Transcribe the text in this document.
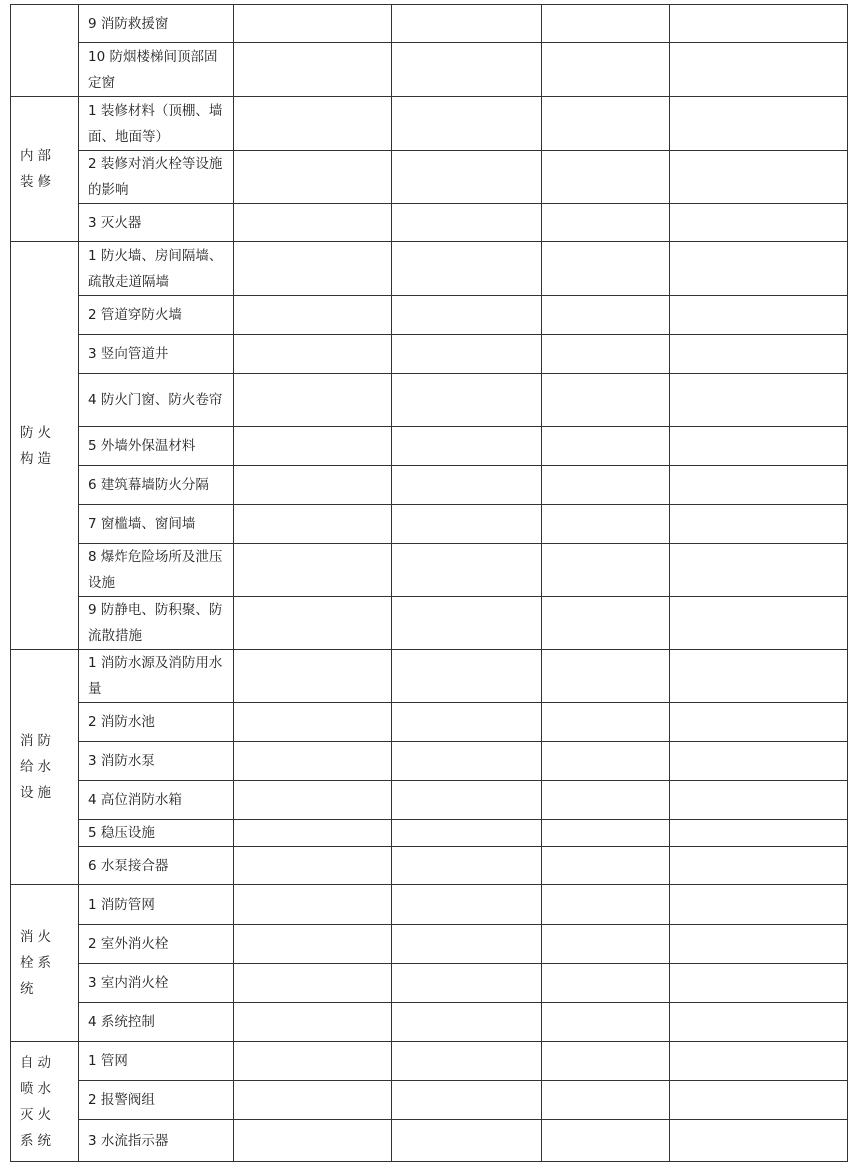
	9 消防救援窗				
	10 防烟楼梯间顶部固定窗				
内部装修	1 装修材料（顶棚、墙面、地面等）				
	2 装修对消火栓等设施的影响				
	3 灭火器				
防火构造	1 防火墙、房间隔墙、疏散走道隔墙				
	2 管道穿防火墙				
	3 竖向管道井				
	4 防火门窗、防火卷帘				
	5 外墙外保温材料				
	6 建筑幕墙防火分隔				
	7 窗槛墙、窗间墙				
	8 爆炸危险场所及泄压设施				
	9 防静电、防积聚、防流散措施				
消防给水设施	1 消防水源及消防用水量				
	2 消防水池				
	3 消防水泵				
	4 高位消防水箱				
	5 稳压设施				
	6 水泵接合器				
消火栓系统	1 消防管网				
	2 室外消火栓				
	3 室内消火栓				
	4 系统控制				
自动喷水灭火系统	1 管网				
	2 报警阀组				
	3 水流指示器				
